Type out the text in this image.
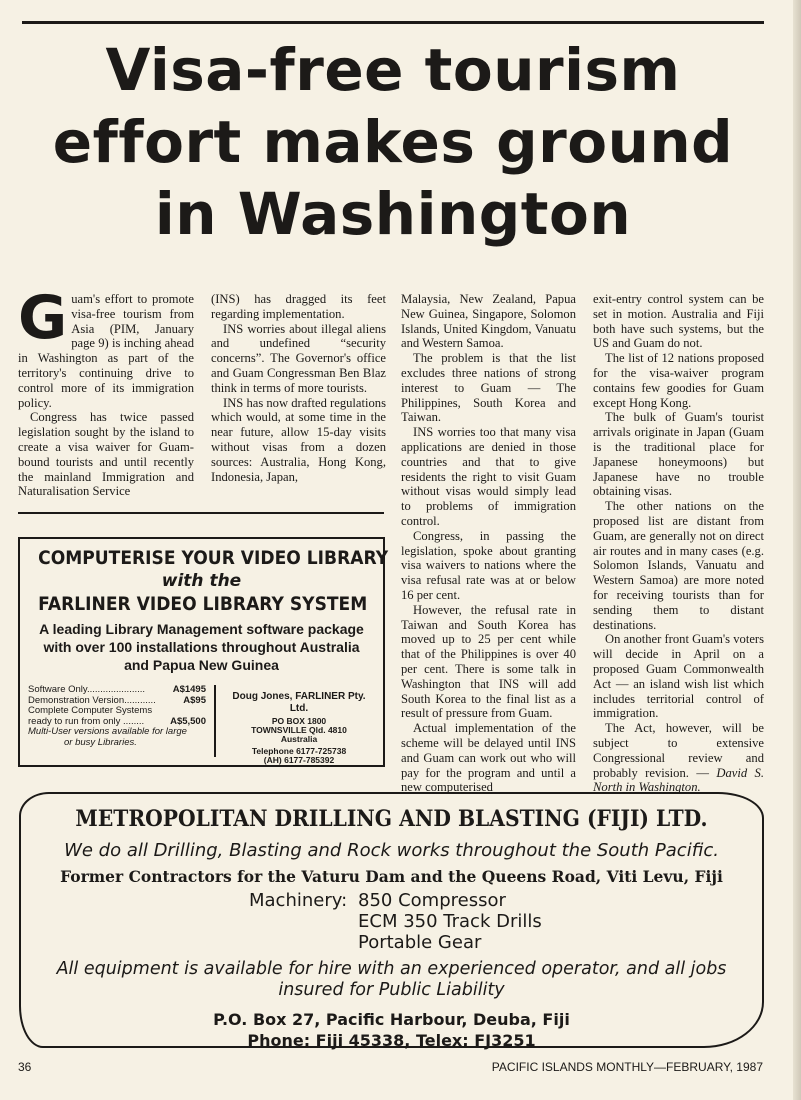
Visa-free tourism
effort makes ground
in Washington
G uam's effort to promote visa-free tourism from Asia (PIM, January page 9) is inching ahead in Washington as part of the territory's continuing drive to control more of its immigration policy.

Congress has twice passed legislation sought by the island to create a visa waiver for Guam-bound tourists and until recently the mainland Immigration and Naturalisation Service

(INS) has dragged its feet regarding implementation.

INS worries about illegal aliens and undefined “security concerns”. The Governor's office and Guam Congressman Ben Blaz think in terms of more tourists.

INS has now drafted regulations which would, at some time in the near future, allow 15-day visits without visas from a dozen sources: Australia, Hong Kong, Indonesia, Japan,

Malaysia, New Zealand, Papua New Guinea, Singapore, Solomon Islands, United Kingdom, Vanuatu and Western Samoa.

The problem is that the list excludes three nations of strong interest to Guam — The Philippines, South Korea and Taiwan.

INS worries too that many visa applications are denied in those countries and that to give residents the right to visit Guam without visas would simply lead to problems of immigration control.

Congress, in passing the legislation, spoke about granting visa waivers to nations where the visa refusal rate was at or below 16 per cent.

However, the refusal rate in Taiwan and South Korea has moved up to 25 per cent while that of the Philippines is over 40 per cent. There is some talk in Washington that INS will add South Korea to the final list as a result of pressure from Guam.

Actual implementation of the scheme will be delayed until INS and Guam can work out who will pay for the program and until a new computerised

exit-entry control system can be set in motion. Australia and Fiji both have such systems, but the US and Guam do not.

The list of 12 nations proposed for the visa-waiver program contains few goodies for Guam except Hong Kong.

The bulk of Guam's tourist arrivals originate in Japan (Guam is the traditional place for Japanese honeymoons) but Japanese have no trouble obtaining visas.

The other nations on the proposed list are distant from Guam, are generally not on direct air routes and in many cases (e.g. Solomon Islands, Vanuatu and Western Samoa) are more noted for receiving tourists than for sending them to distant destinations.

On another front Guam's voters will decide in April on a proposed Guam Commonwealth Act — an island wish list which includes territorial control of immigration.

The Act, however, will be subject to extensive Congressional review and probably revision. — David S. North in Washington.

COMPUTERISE YOUR VIDEO LIBRARY
with the
FARLINER VIDEO LIBRARY SYSTEM
A leading Library Management software package
with over 100 installations throughout Australia
and Papua New Guinea
Software Only......................	A$1495
Demonstration Version............	A$95
Complete Computer Systems
ready to run from only ........	A$5,500
Multi-User versions available for large
or busy Libraries.
Doug Jones, FARLINER Pty. Ltd.
PO BOX 1800
TOWNSVILLE Qld. 4810
Australia
Telephone 6177-725738
(AH) 6177-785392
METROPOLITAN DRILLING AND BLASTING (FIJI) LTD.
We do all Drilling, Blasting and Rock works throughout the South Pacific.
Former Contractors for the Vaturu Dam and the Queens Road, Viti Levu, Fiji
Machinery: 850 Compressor
ECM 350 Track Drills
Portable Gear
All equipment is available for hire with an experienced operator, and all jobs
insured for Public Liability
P.O. Box 27, Pacific Harbour, Deuba, Fiji
Phone: Fiji 45338, Telex: FJ3251
36	PACIFIC ISLANDS MONTHLY—FEBRUARY, 1987
